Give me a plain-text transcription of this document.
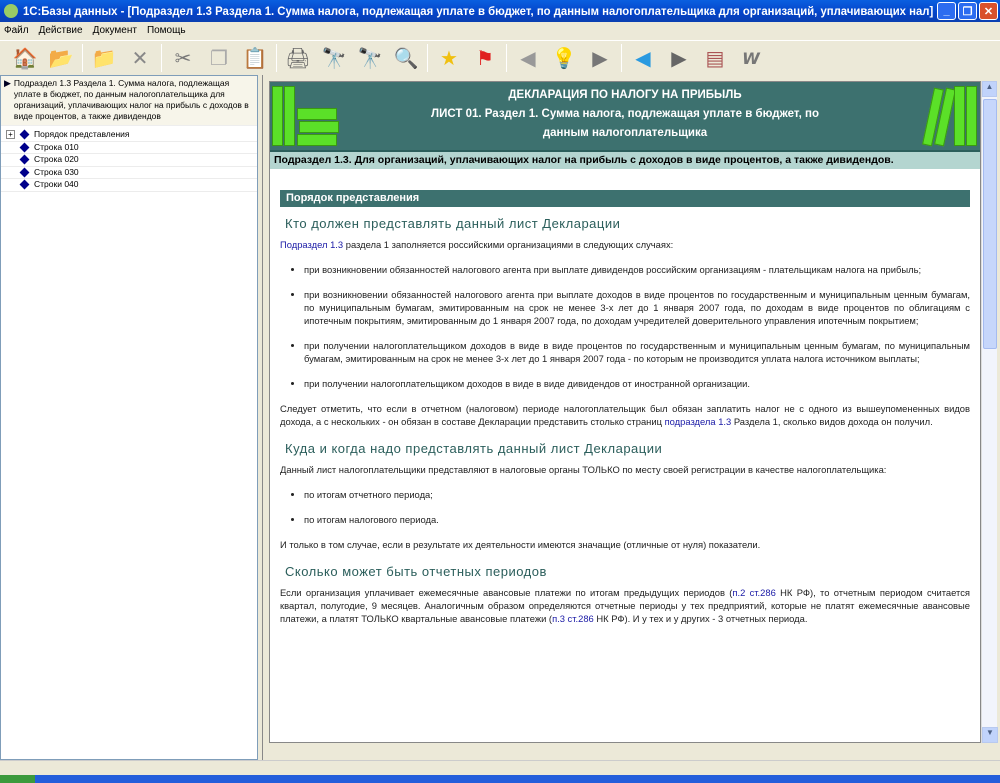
1С:Базы данных - [Подраздел 1.3 Раздела 1. Сумма налога, подлежащая уплате в бюджет, по данным налогоплательщика для организаций, уплачивающих нал] _	❐	✕
Файл Действие Документ Помощь
🏠 📂 📁 ✕ ✂ ❐ 📋 🖨 🔭 🔭 🔍 ★ ⚑ ◀ 💡 ▶ ◀ ▶ ▤ W
▶ Подраздел 1.3 Раздела 1. Сумма налога, подлежащая уплате в бюджет, по данным налогоплательщика для организаций, уплачивающих налог на прибыль с доходов в виде процентов, а также дивидендов
+ Порядок представления
Строка 010
Строка 020
Строка 030
Строки 040
ДЕКЛАРАЦИЯ ПО НАЛОГУ НА ПРИБЫЛЬ
ЛИСТ 01. Раздел 1. Сумма налога, подлежащая уплате в бюджет, по
данным налогоплательщика
Подраздел 1.3. Для организаций, уплачивающих налог на прибыль с доходов в виде процентов, а также дивидендов.
Порядок представления
Кто должен представлять данный лист Декларации

Подраздел 1.3 раздела 1 заполняется российскими организациями в следующих случаях:

• при возникновении обязанностей налогового агента при выплате дивидендов российским организациям - плательщикам налога на прибыль;
• при возникновении обязанностей налогового агента при выплате доходов в виде процентов по государственным и муниципальным ценным бумагам, по муниципальным бумагам, эмитированным на срок не менее 3-х лет до 1 января 2007 года, по доходам в виде процентов по облигациям с ипотечным покрытиям, эмитированным до 1 января 2007 года, по доходам учредителей доверительного управления ипотечным покрытием;
• при получении налогоплательщиком доходов в виде в виде процентов по государственным и муниципальным ценным бумагам, по муниципальным бумагам, эмитированным на срок не менее 3-х лет до 1 января 2007 года - по которым не производится уплата налога источником выплаты;
• при получении налогоплательщиком доходов в виде в виде дивидендов от иностранной организации.

Следует отметить, что если в отчетном (налоговом) периоде налогоплательщик был обязан заплатить налог не с одного из вышеупомененных видов дохода, а с нескольких - он обязан в составе Декларации представить столько страниц подраздела 1.3 Раздела 1, сколько видов дохода он получил.

Куда и когда надо представлять данный лист Декларации

Данный лист налогоплательщики представляют в налоговые органы ТОЛЬКО по месту своей регистрации в качестве налогоплательщика:

• по итогам отчетного периода;
• по итогам налогового периода.

И только в том случае, если в результате их деятельности имеются значащие (отличные от нуля) показатели.

Сколько может быть отчетных периодов

Если организация уплачивает ежемесячные авансовые платежи по итогам предыдущих периодов (п.2 ст.286 НК РФ), то отчетным периодом считается квартал, полугодие, 9 месяцев. Аналогичным образом определяются отчетные периоды у тех предприятий, которые не платят ежемесячные авансовые платежи, а платят ТОЛЬКО квартальные авансовые платежи (п.3 ст.286 НК РФ). И у тех и у других - 3 отчетных периода.

▲
▼
